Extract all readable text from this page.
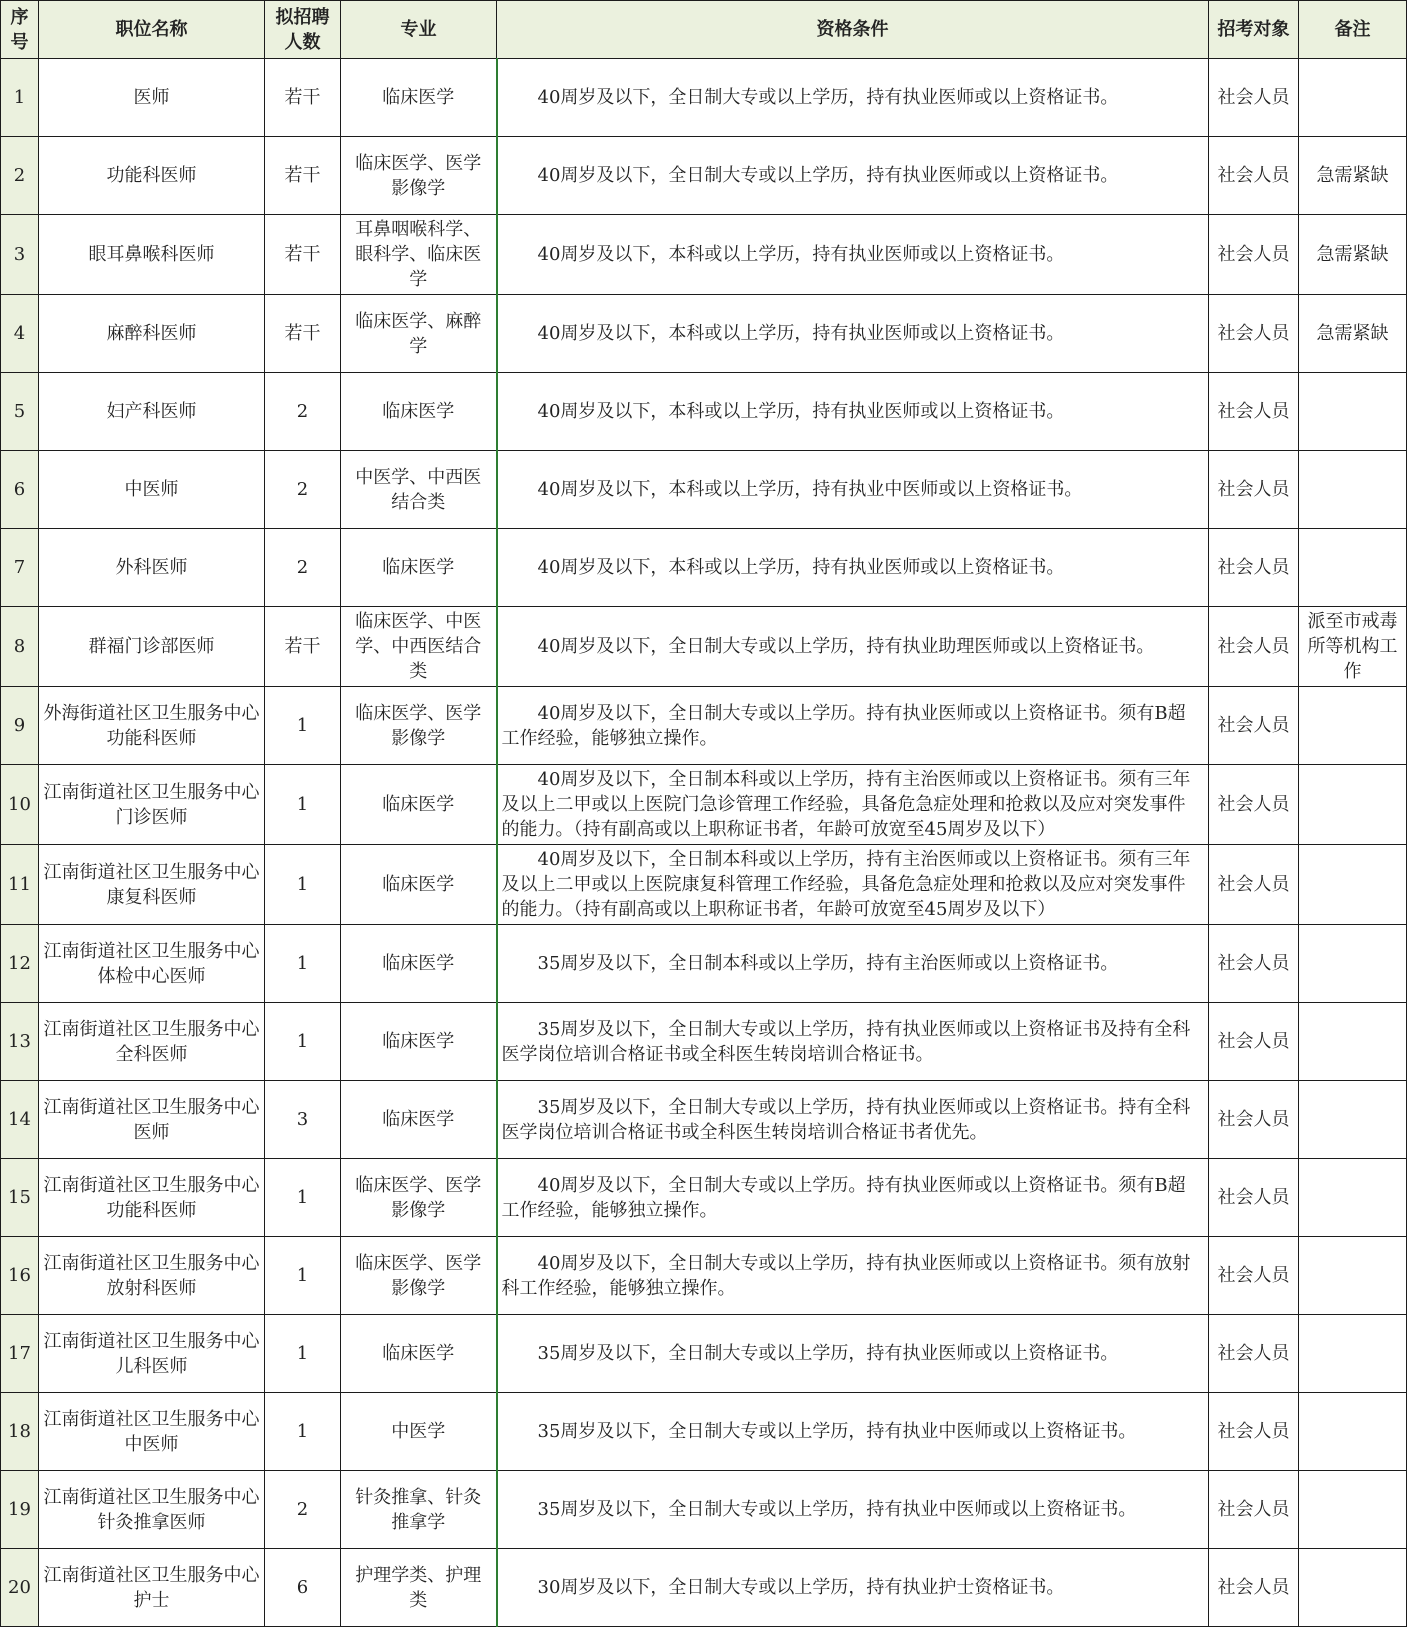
序号	职位名称	拟招聘人数	专业	资格条件	招考对象	备注
1	医师	若干	临床医学	40周岁及以下，全日制大专或以上学历，持有执业医师或以上资格证书。	社会人员	
2	功能科医师	若干	临床医学、医学影像学	40周岁及以下，全日制大专或以上学历，持有执业医师或以上资格证书。	社会人员	急需紧缺
3	眼耳鼻喉科医师	若干	耳鼻咽喉科学、眼科学、临床医学	40周岁及以下，本科或以上学历，持有执业医师或以上资格证书。	社会人员	急需紧缺
4	麻醉科医师	若干	临床医学、麻醉学	40周岁及以下，本科或以上学历，持有执业医师或以上资格证书。	社会人员	急需紧缺
5	妇产科医师	2	临床医学	40周岁及以下，本科或以上学历，持有执业医师或以上资格证书。	社会人员	
6	中医师	2	中医学、中西医结合类	40周岁及以下，本科或以上学历，持有执业中医师或以上资格证书。	社会人员	
7	外科医师	2	临床医学	40周岁及以下，本科或以上学历，持有执业医师或以上资格证书。	社会人员	
8	群福门诊部医师	若干	临床医学、中医学、中西医结合类	40周岁及以下，全日制大专或以上学历，持有执业助理医师或以上资格证书。	社会人员	派至市戒毒所等机构工作
9	外海街道社区卫生服务中心功能科医师	1	临床医学、医学影像学	40周岁及以下，全日制大专或以上学历。持有执业医师或以上资格证书。须有B超工作经验，能够独立操作。	社会人员	
10	江南街道社区卫生服务中心门诊医师	1	临床医学	40周岁及以下，全日制本科或以上学历，持有主治医师或以上资格证书。须有三年及以上二甲或以上医院门急诊管理工作经验，具备危急症处理和抢救以及应对突发事件的能力。（持有副高或以上职称证书者，年龄可放宽至45周岁及以下）	社会人员	
11	江南街道社区卫生服务中心康复科医师	1	临床医学	40周岁及以下，全日制本科或以上学历，持有主治医师或以上资格证书。须有三年及以上二甲或以上医院康复科管理工作经验，具备危急症处理和抢救以及应对突发事件的能力。（持有副高或以上职称证书者，年龄可放宽至45周岁及以下）	社会人员	
12	江南街道社区卫生服务中心体检中心医师	1	临床医学	35周岁及以下，全日制本科或以上学历，持有主治医师或以上资格证书。	社会人员	
13	江南街道社区卫生服务中心全科医师	1	临床医学	35周岁及以下，全日制大专或以上学历，持有执业医师或以上资格证书及持有全科医学岗位培训合格证书或全科医生转岗培训合格证书。	社会人员	
14	江南街道社区卫生服务中心医师	3	临床医学	35周岁及以下，全日制大专或以上学历，持有执业医师或以上资格证书。持有全科医学岗位培训合格证书或全科医生转岗培训合格证书者优先。	社会人员	
15	江南街道社区卫生服务中心功能科医师	1	临床医学、医学影像学	40周岁及以下，全日制大专或以上学历。持有执业医师或以上资格证书。须有B超工作经验，能够独立操作。	社会人员	
16	江南街道社区卫生服务中心放射科医师	1	临床医学、医学影像学	40周岁及以下，全日制大专或以上学历，持有执业医师或以上资格证书。须有放射科工作经验，能够独立操作。	社会人员	
17	江南街道社区卫生服务中心儿科医师	1	临床医学	35周岁及以下，全日制大专或以上学历，持有执业医师或以上资格证书。	社会人员	
18	江南街道社区卫生服务中心中医师	1	中医学	35周岁及以下，全日制大专或以上学历，持有执业中医师或以上资格证书。	社会人员	
19	江南街道社区卫生服务中心针灸推拿医师	2	针灸推拿、针灸推拿学	35周岁及以下，全日制大专或以上学历，持有执业中医师或以上资格证书。	社会人员	
20	江南街道社区卫生服务中心护士	6	护理学类、护理类	30周岁及以下，全日制大专或以上学历，持有执业护士资格证书。	社会人员	
